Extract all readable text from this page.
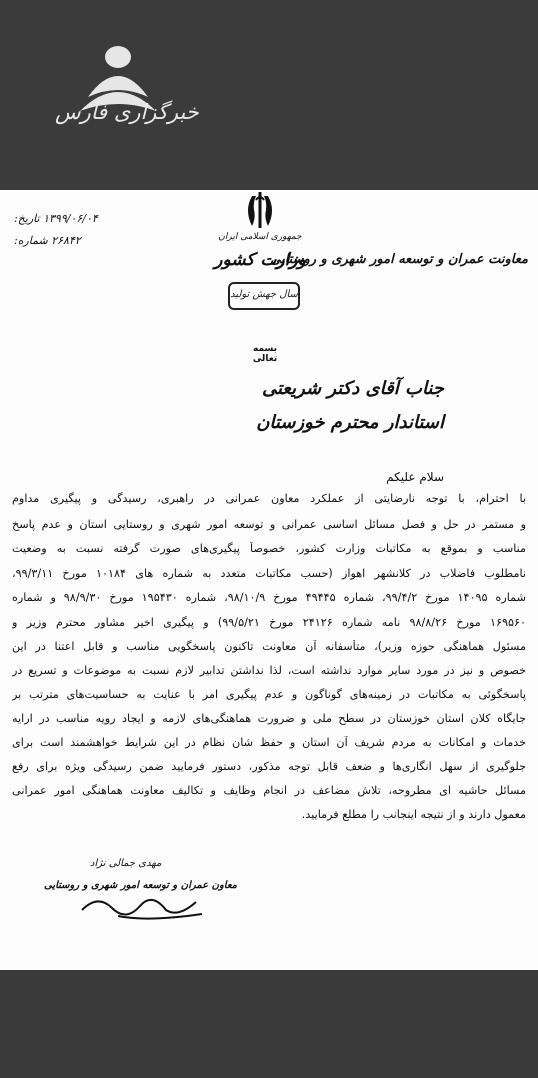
خبرگزاری فارس
جمهوری اسلامی ایران
وزارت کشور
سال جهش تولید
معاونت عمران و توسعه امور شهری و روستایی
۱۳۹۹/۰۶/۰۴ تاریخ:
۲۶۸۴۲ شماره:
بسمه تعالی
جناب آقای دکتر شریعتی
استاندار محترم خوزستان
سلام علیکم
با احترام، با توجه نارضایتی از عملکرد معاون عمرانی در راهبری، رسیدگی و پیگیری مداوم
و مستمر در حل و فصل مسائل اساسی عمرانی و توسعه امور شهری و روستایی استان و عدم پاسخ
مناسب و بموقع به مکاتبات وزارت کشور، خصوصاً پیگیری‌های صورت گرفته نسبت به وضعیت
نامطلوب فاضلاب در کلانشهر اهواز (حسب مکاتبات متعدد به شماره های ۱۰۱۸۴ مورخ ۹۹/۳/۱۱،
شماره ۱۴۰۹۵ مورخ ۹۹/۴/۲، شماره ۴۹۴۴۵ مورخ ۹۸/۱۰/۹، شماره ۱۹۵۴۳۰ مورخ ۹۸/۹/۳۰ و شماره
۱۶۹۵۶۰ مورخ ۹۸/۸/۲۶ نامه شماره ۲۴۱۲۶ مورخ ۹۹/۵/۲۱) و پیگیری اخیر مشاور محترم وزیر و
مسئول هماهنگی حوزه وزیر)، متأسفانه آن معاونت تاکنون پاسخگویی مناسب و قابل اعتنا در این
خصوص و نیز در مورد سایر موارد نداشته است، لذا نداشتن تدابیر لازم نسبت به موضوعات و تسریع در
پاسخگوئی به مکاتبات در زمینه‌های گوناگون و عدم پیگیری امر با عنایت به حساسیت‌های مترتب بر
جایگاه کلان استان خوزستان در سطح ملی و ضرورت هماهنگی‌های لازمه و ایجاد رویه مناسب در ارایه
خدمات و امکانات به مردم شریف آن استان و حفظ شان نظام در این شرایط خواهشمند است برای
جلوگیری از سهل انگاری‌ها و ضعف قابل توجه مذکور، دستور فرمایید ضمن رسیدگی ویژه برای رفع
مسائل حاشیه ای مطروحه، تلاش مضاعف در انجام وظایف و تکالیف معاونت هماهنگی امور عمرانی
معمول دارند و از نتیجه اینجانب را مطلع فرمایید.
مهدی جمالی نژاد
معاون عمران و توسعه امور شهری و روستایی
